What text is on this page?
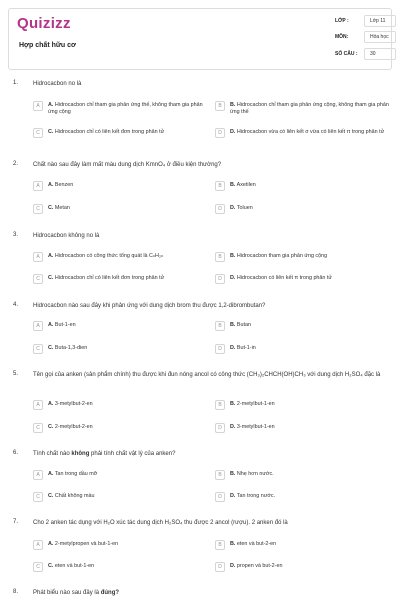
Quizizz
Hợp chất hữu cơ
LỚP :	Lớp 11
MÔN:	Hóa học
SỐ CÂU :	30
1. Hidrocacbon no là
A	A. Hidrocacbon chỉ tham gia phản ứng thế, không tham gia phản ứng cộng
B	B. Hidrocacbon chỉ tham gia phản ứng cộng, không tham gia phản ứng thế
C	C. Hidrocacbon chỉ có liên kết đơn trong phân tử	D	D. Hidrocacbon vừa có liên kết σ vừa có liên kết π trong phân tử
2. Chất nào sau đây làm mất màu dung dịch KmnO₄ ở điều kiện thường?
A	A. Benzen	B	B. Axetilen
C	C. Metan	D	D. Toluen
3. Hidrocacbon không no là
A	A. Hidrocacbon có công thức tổng quát là CₙH₂ₙ	B	B. Hidrocacbon tham gia phản ứng cộng
C	C. Hidrocacbon chỉ có liên kết đơn trong phân tử	D	D. Hidrocacbon có liên kết π trong phân tử
4. Hidrocacbon nào sau đây khi phản ứng với dung dịch brom thu được 1,2-dibrombutan?
A	A. But-1-en	B	B. Butan
C	C. Buta-1,3-dien	D	D. But-1-in
5. Tên gọi của anken (sản phẩm chính) thu được khi đun nóng ancol có công thức (CH₃)₂CHCH(OH)CH₃ với dung dịch H₂SO₄ đặc là
A	A. 3-metylbut-2-en	B	B. 2-metylbut-1-en
C	C. 2-metylbut-2-en	D	D. 3-metylbut-1-en
6. Tính chất nào không phải tính chất vật lý của anken?
A	A. Tan trong dầu mỡ	B	B. Nhẹ hơn nước.
C	C. Chất không màu	D	D. Tan trong nước.
7. Cho 2 anken tác dụng với H₂O xúc tác dung dịch H₂SO₄ thu được 2 ancol (rượu). 2 anken đó là
A	A. 2-metylpropen và but-1-en	B	B. eten và but-2-en
C	C. eten và but-1-en	D	D. propen và but-2-en
8. Phát biểu nào sau đây là đúng?
